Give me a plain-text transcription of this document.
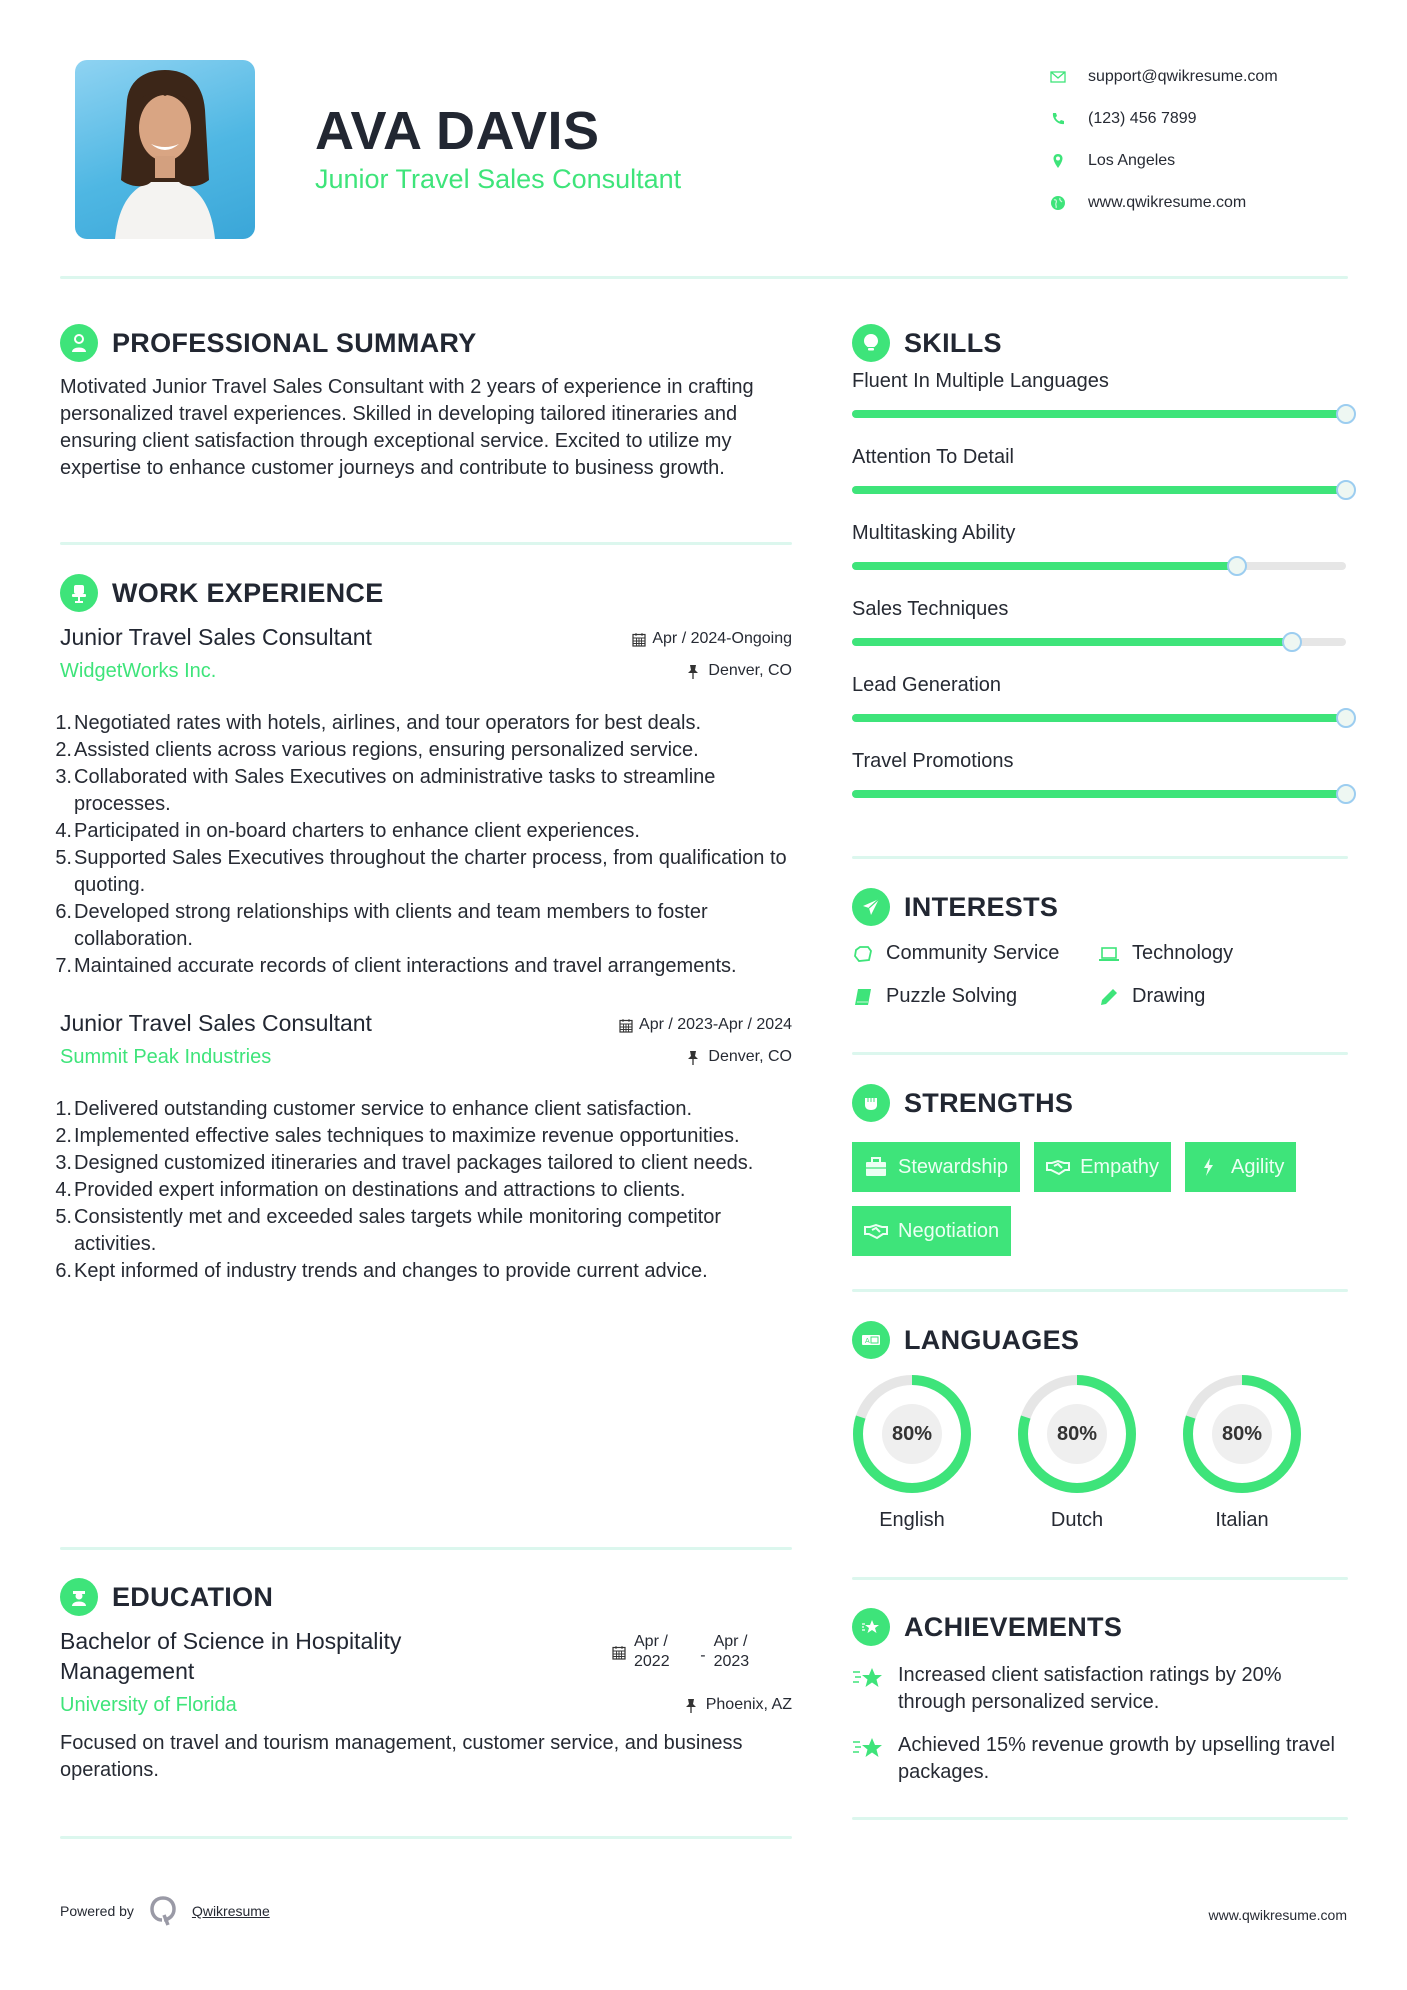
AVA DAVIS
Junior Travel Sales Consultant
support@qwikresume.com
(123) 456 7899
Los Angeles
www.qwikresume.com
PROFESSIONAL SUMMARY

Motivated Junior Travel Sales Consultant with 2 years of experience in crafting personalized travel experiences. Skilled in developing tailored itineraries and ensuring client satisfaction through exceptional service. Excited to utilize my expertise to enhance customer journeys and contribute to business growth.

WORK EXPERIENCE
Junior Travel Sales Consultant
WidgetWorks Inc.
Apr / 2024-Ongoing
Denver, CO
1. Negotiated rates with hotels, airlines, and tour operators for best deals.
2. Assisted clients across various regions, ensuring personalized service.
3. Collaborated with Sales Executives on administrative tasks to streamline processes.
4. Participated in on-board charters to enhance client experiences.
5. Supported Sales Executives throughout the charter process, from qualification to quoting.
6. Developed strong relationships with clients and team members to foster collaboration.
7. Maintained accurate records of client interactions and travel arrangements.
Junior Travel Sales Consultant
Summit Peak Industries
Apr / 2023-Apr / 2024
Denver, CO
1. Delivered outstanding customer service to enhance client satisfaction.
2. Implemented effective sales techniques to maximize revenue opportunities.
3. Designed customized itineraries and travel packages tailored to client needs.
4. Provided expert information on destinations and attractions to clients.
5. Consistently met and exceeded sales targets while monitoring competitor activities.
6. Kept informed of industry trends and changes to provide current advice.
EDUCATION
Bachelor of Science in Hospitality
Management
Apr /
2022	-
Apr /
2023
University of Florida	Phoenix, AZ

Focused on travel and tourism management, customer service, and business operations.

SKILLS
Fluent In Multiple Languages
Attention To Detail
Multitasking Ability
Sales Techniques
Lead Generation
Travel Promotions
INTERESTS
Community Service	Technology
Puzzle Solving	Drawing
STRENGTHS
Stewardship	Empathy	Agility
Negotiation
A LANGUAGES
80%
English
80%
Dutch
80%
Italian
ACHIEVEMENTS
Increased client satisfaction ratings by 20% through personalized service.
Achieved 15% revenue growth by upselling travel packages.
Powered by	Qwikresume	www.qwikresume.com
